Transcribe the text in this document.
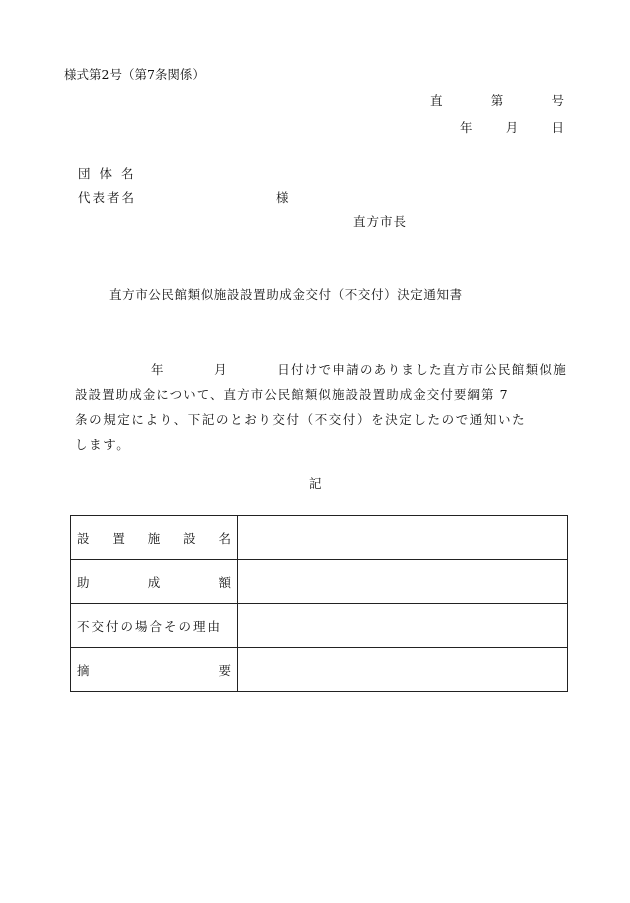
様式第2号（第7条関係）
直	第	号
年	月	日
団体名
代表者名	様
直方市長
直方市公民館類似施設設置助成金交付（不交付）決定通知書
年	月	日付けで申請のありました直方市公民館類似施
設設置助成金について、直方市公民館類似施設設置助成金交付要綱第 7
条の規定により、下記のとおり交付（不交付）を決定したので通知いた
します。
記
設 置 施 設 名	

助 成 額	

不交付の場合その理由	

摘 要	
